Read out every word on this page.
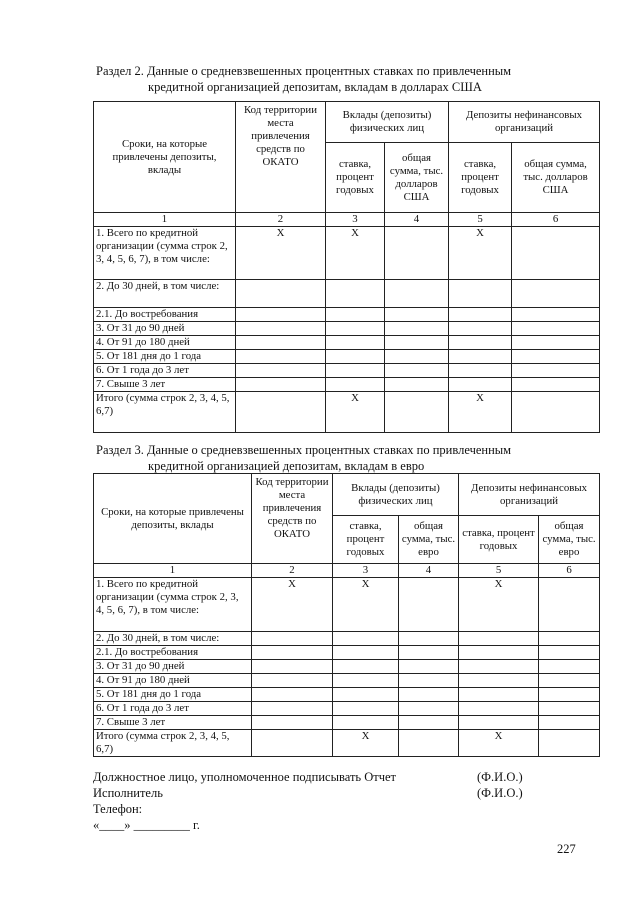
Раздел 2. Данные о средневзвешенных процентных ставках по привлеченным
кредитной организацией депозитам, вкладам в долларах США
Сроки, на которые привлечены депозиты, вклады	Код территории места привлечения средств по ОКАТО	Вклады (депозиты) физических лиц		Депозиты нефинансовых организаций	
		ставка, процент годовых	общая сумма, тыс. долларов США	ставка, процент годовых	общая сумма, тыс. долларов США
1	2	3	4	5	6
1. Всего по кредитной организации (сумма строк 2, 3, 4, 5, 6, 7), в том числе:	X	X		X	
2. До 30 дней, в том числе:					
2.1. До востребования					
3. От 31 до 90 дней					
4. От 91 до 180 дней					
5. От 181 дня до 1 года					
6. От 1 года до 3 лет					
7. Свыше 3 лет					
Итого (сумма строк 2, 3, 4, 5, 6,7)		X		X	
Раздел 3. Данные о средневзвешенных процентных ставках по привлеченным
кредитной организацией депозитам, вкладам в евро
Сроки, на которые привлечены депозиты, вклады	Код территории места привлечения средств по ОКАТО	Вклады (депозиты) физических лиц		Депозиты нефинансовых организаций	
		ставка, процент годовых	общая сумма, тыс. евро	ставка, процент годовых	общая сумма, тыс. евро
1	2	3	4	5	6
1. Всего по кредитной организации (сумма строк 2, 3, 4, 5, 6, 7), в том числе:	X	X		X	
2. До 30 дней, в том числе:					
2.1. До востребования					
3. От 31 до 90 дней					
4. От 91 до 180 дней					
5. От 181 дня до 1 года					
6. От 1 года до 3 лет					
7. Свыше 3 лет					
Итого (сумма строк 2, 3, 4, 5, 6,7)		X		X	
Должностное лицо, уполномоченное подписывать Отчет	(Ф.И.О.)
Исполнитель	(Ф.И.О.)
Телефон:
«____» _________ г.
227
